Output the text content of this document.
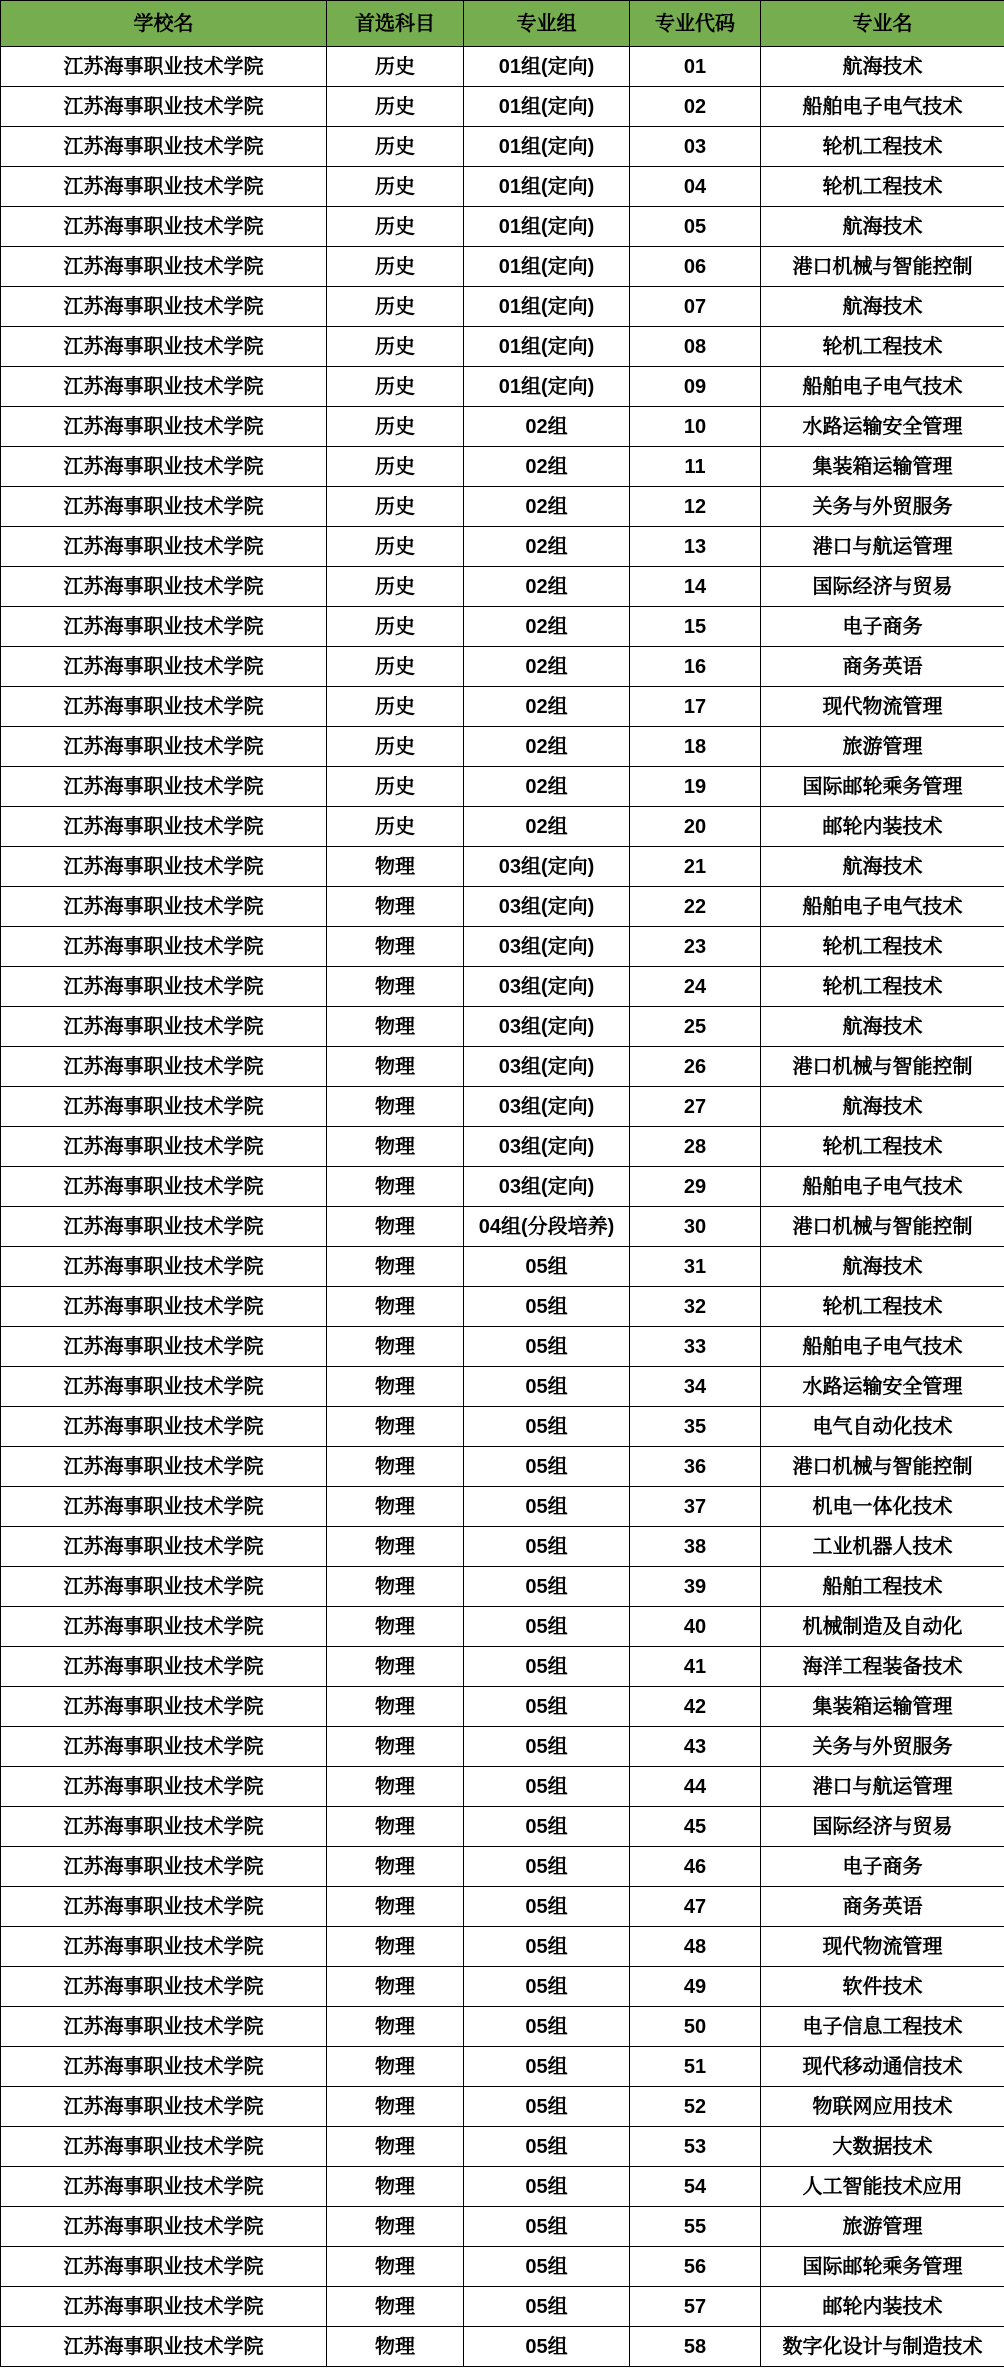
学校名	首选科目	专业组	专业代码	专业名
江苏海事职业技术学院	历史	01组(定向)	01	航海技术
江苏海事职业技术学院	历史	01组(定向)	02	船舶电子电气技术
江苏海事职业技术学院	历史	01组(定向)	03	轮机工程技术
江苏海事职业技术学院	历史	01组(定向)	04	轮机工程技术
江苏海事职业技术学院	历史	01组(定向)	05	航海技术
江苏海事职业技术学院	历史	01组(定向)	06	港口机械与智能控制
江苏海事职业技术学院	历史	01组(定向)	07	航海技术
江苏海事职业技术学院	历史	01组(定向)	08	轮机工程技术
江苏海事职业技术学院	历史	01组(定向)	09	船舶电子电气技术
江苏海事职业技术学院	历史	02组	10	水路运输安全管理
江苏海事职业技术学院	历史	02组	11	集装箱运输管理
江苏海事职业技术学院	历史	02组	12	关务与外贸服务
江苏海事职业技术学院	历史	02组	13	港口与航运管理
江苏海事职业技术学院	历史	02组	14	国际经济与贸易
江苏海事职业技术学院	历史	02组	15	电子商务
江苏海事职业技术学院	历史	02组	16	商务英语
江苏海事职业技术学院	历史	02组	17	现代物流管理
江苏海事职业技术学院	历史	02组	18	旅游管理
江苏海事职业技术学院	历史	02组	19	国际邮轮乘务管理
江苏海事职业技术学院	历史	02组	20	邮轮内装技术
江苏海事职业技术学院	物理	03组(定向)	21	航海技术
江苏海事职业技术学院	物理	03组(定向)	22	船舶电子电气技术
江苏海事职业技术学院	物理	03组(定向)	23	轮机工程技术
江苏海事职业技术学院	物理	03组(定向)	24	轮机工程技术
江苏海事职业技术学院	物理	03组(定向)	25	航海技术
江苏海事职业技术学院	物理	03组(定向)	26	港口机械与智能控制
江苏海事职业技术学院	物理	03组(定向)	27	航海技术
江苏海事职业技术学院	物理	03组(定向)	28	轮机工程技术
江苏海事职业技术学院	物理	03组(定向)	29	船舶电子电气技术
江苏海事职业技术学院	物理	04组(分段培养)	30	港口机械与智能控制
江苏海事职业技术学院	物理	05组	31	航海技术
江苏海事职业技术学院	物理	05组	32	轮机工程技术
江苏海事职业技术学院	物理	05组	33	船舶电子电气技术
江苏海事职业技术学院	物理	05组	34	水路运输安全管理
江苏海事职业技术学院	物理	05组	35	电气自动化技术
江苏海事职业技术学院	物理	05组	36	港口机械与智能控制
江苏海事职业技术学院	物理	05组	37	机电一体化技术
江苏海事职业技术学院	物理	05组	38	工业机器人技术
江苏海事职业技术学院	物理	05组	39	船舶工程技术
江苏海事职业技术学院	物理	05组	40	机械制造及自动化
江苏海事职业技术学院	物理	05组	41	海洋工程装备技术
江苏海事职业技术学院	物理	05组	42	集装箱运输管理
江苏海事职业技术学院	物理	05组	43	关务与外贸服务
江苏海事职业技术学院	物理	05组	44	港口与航运管理
江苏海事职业技术学院	物理	05组	45	国际经济与贸易
江苏海事职业技术学院	物理	05组	46	电子商务
江苏海事职业技术学院	物理	05组	47	商务英语
江苏海事职业技术学院	物理	05组	48	现代物流管理
江苏海事职业技术学院	物理	05组	49	软件技术
江苏海事职业技术学院	物理	05组	50	电子信息工程技术
江苏海事职业技术学院	物理	05组	51	现代移动通信技术
江苏海事职业技术学院	物理	05组	52	物联网应用技术
江苏海事职业技术学院	物理	05组	53	大数据技术
江苏海事职业技术学院	物理	05组	54	人工智能技术应用
江苏海事职业技术学院	物理	05组	55	旅游管理
江苏海事职业技术学院	物理	05组	56	国际邮轮乘务管理
江苏海事职业技术学院	物理	05组	57	邮轮内装技术
江苏海事职业技术学院	物理	05组	58	数字化设计与制造技术
